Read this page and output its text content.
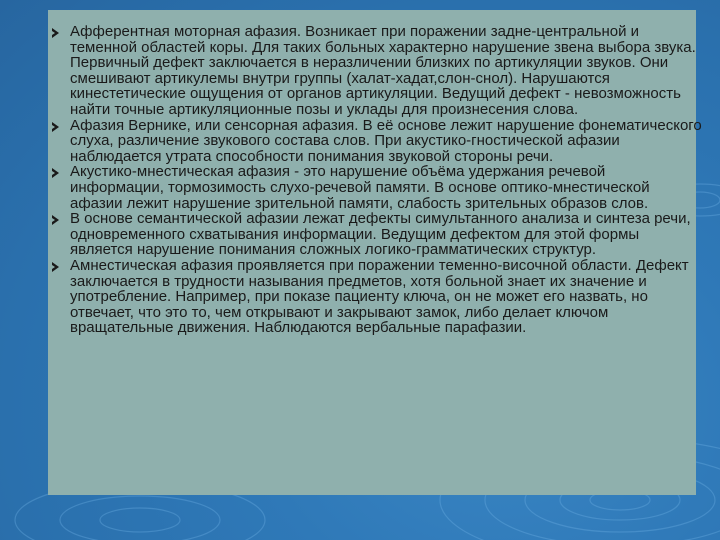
Афферентная моторная афазия. Возникает при поражении задне-центральной и теменной областей коры. Для таких больных характерно нарушение звена выбора звука. Первичный дефект заключается в неразличении близких по артикуляции звуков. Они смешивают артикулемы внутри группы (халат-хадат,слон-снол). Нарушаются кинестетические ощущения от органов артикуляции. Ведущий дефект - невозможность найти точные артикуляционные позы и уклады для произнесения слова.
Афазия Вернике, или сенсорная афазия. В её основе лежит нарушение фонематического слуха, различение звукового состава слов. При акустико-гностической афазии наблюдается утрата способности понимания звуковой стороны речи.
Акустико-мнестическая афазия - это нарушение объёма удержания речевой информации, тормозимость слухо-речевой памяти. В основе оптико-мнестической афазии лежит нарушение зрительной памяти, слабость зрительных образов слов.
В основе семантической афазии лежат дефекты симультанного анализа и синтеза речи, одновременного схватывания информации. Ведущим дефектом для этой формы является нарушение понимания сложных логико-грамматических структур.
Амнестическая афазия проявляется при поражении теменно-височной области. Дефект заключается в трудности называния предметов, хотя больной знает их значение и употребление. Например, при показе пациенту ключа, он не может его назвать, но отвечает, что это то, чем открывают и закрывают замок, либо делает ключом вращательные движения. Наблюдаются вербальные парафазии.
